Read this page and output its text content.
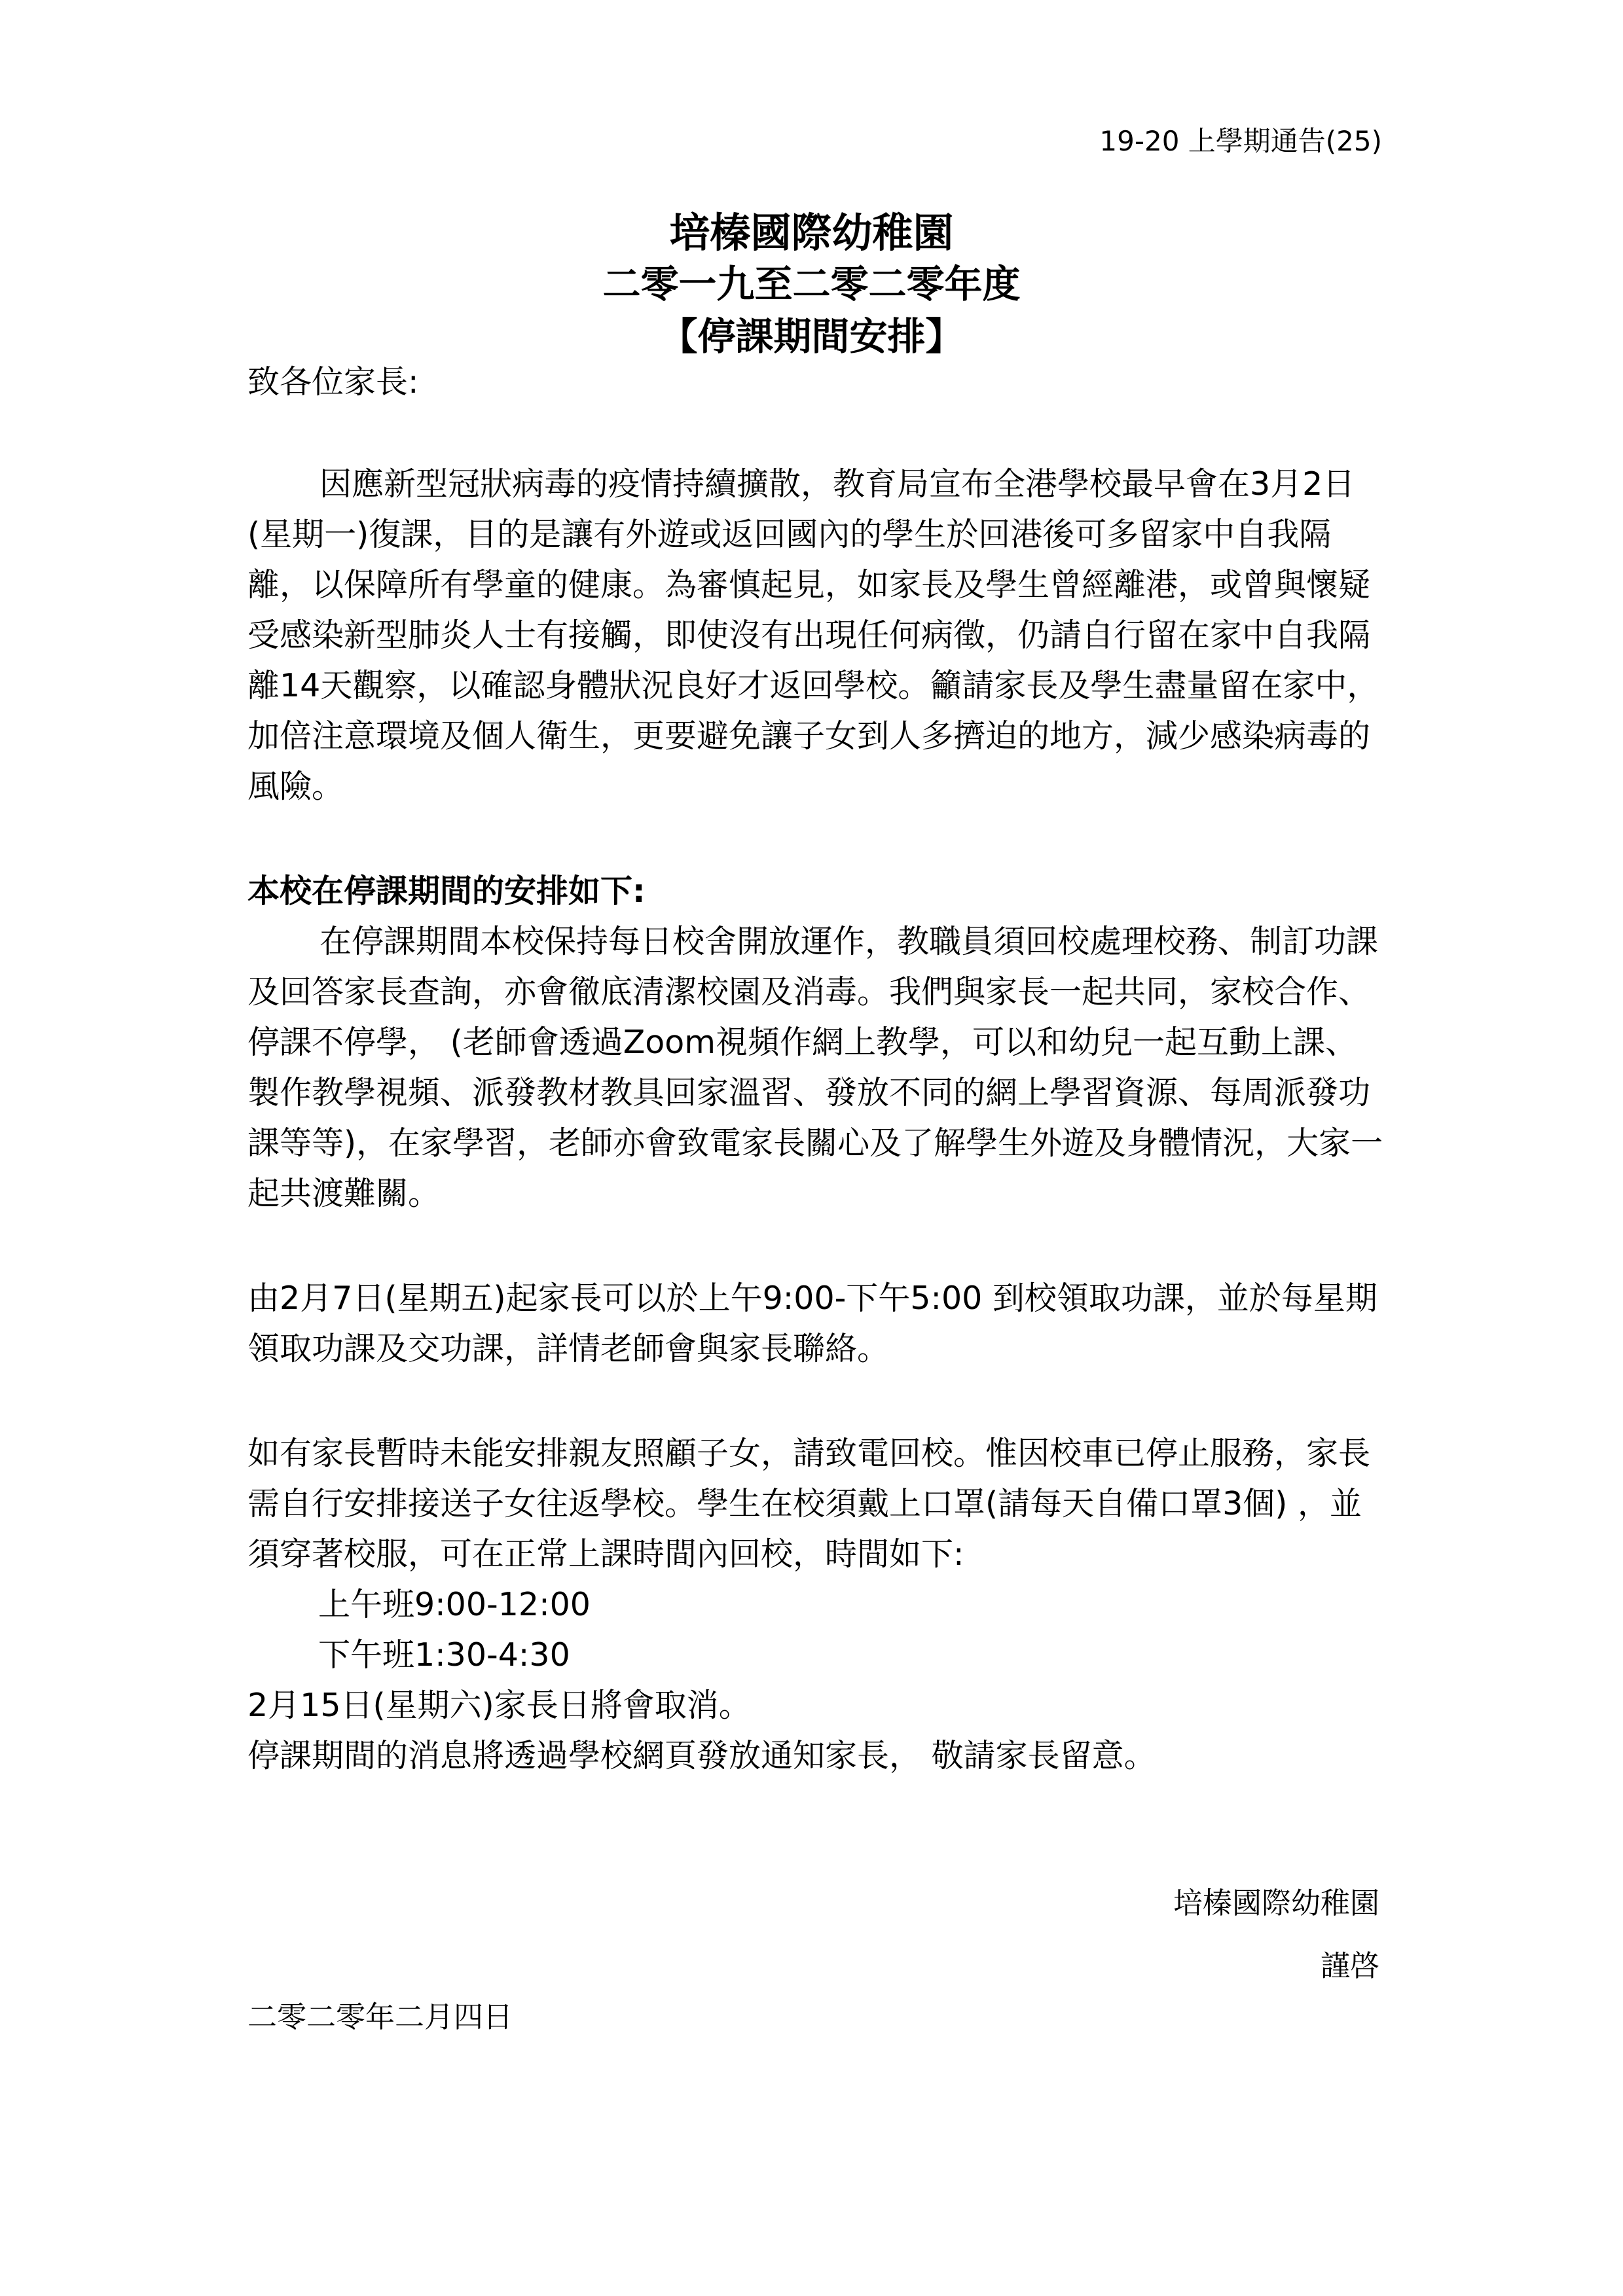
19-20 上學期通告(25)
培榛國際幼稚園
二零一九至二零二零年度
【停課期間安排】

致各位家長:

因應新型冠狀病毒的疫情持續擴散，教育局宣布全港學校最早會在3月2日(星期一)復課，目的是讓有外遊或返回國內的學生於回港後可多留家中自我隔離，以保障所有學童的健康。為審慎起見，如家長及學生曾經離港，或曾與懷疑受感染新型肺炎人士有接觸，即使沒有出現任何病徵，仍請自行留在家中自我隔離14天觀察，以確認身體狀況良好才返回學校。籲請家長及學生盡量留在家中，加倍注意環境及個人衛生，更要避免讓子女到人多擠迫的地方，減少感染病毒的風險。

本校在停課期間的安排如下:

在停課期間本校保持每日校舍開放運作，教職員須回校處理校務、制訂功課及回答家長查詢，亦會徹底清潔校園及消毒。我們與家長一起共同，家校合作、停課不停學， (老師會透過Zoom視頻作網上教學，可以和幼兒一起互動上課、製作教學視頻、派發教材教具回家溫習、發放不同的網上學習資源、每周派發功課等等)，在家學習，老師亦會致電家長關心及了解學生外遊及身體情況，大家一起共渡難關。

由2月7日(星期五)起家長可以於上午9:00-下午5:00 到校領取功課，並於每星期領取功課及交功課，詳情老師會與家長聯絡。

如有家長暫時未能安排親友照顧子女，請致電回校。惟因校車已停止服務，家長需自行安排接送子女往返學校。學生在校須戴上口罩(請每天自備口罩3個) ，並須穿著校服，可在正常上課時間內回校，時間如下:

上午班9:00-12:00

下午班1:30-4:30

2月15日(星期六)家長日將會取消。

停課期間的消息將透過學校網頁發放通知家長， 敬請家長留意。

培榛國際幼稚園
謹啓
二零二零年二月四日
